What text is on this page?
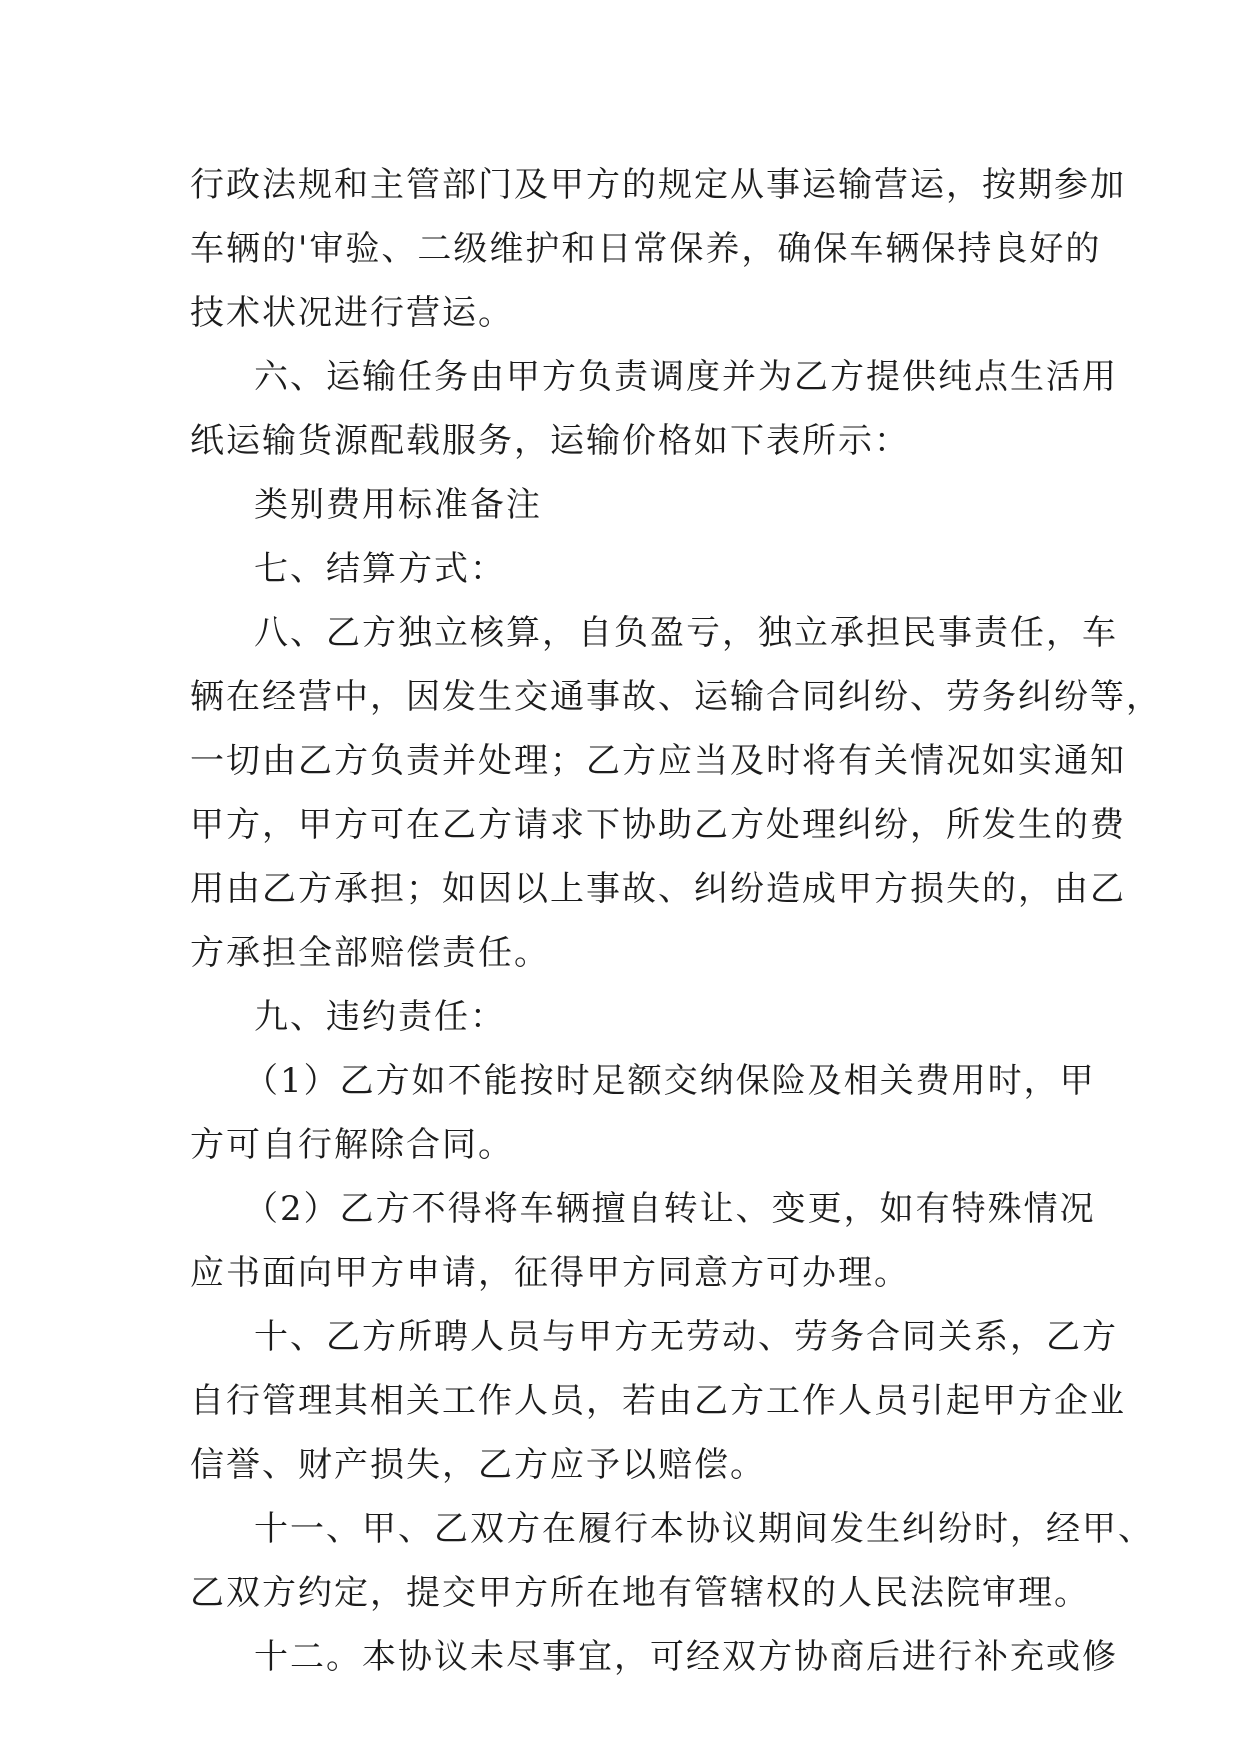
行政法规和主管部门及甲方的规定从事运输营运，按期参加
车辆的'审验、二级维护和日常保养，确保车辆保持良好的
技术状况进行营运。
六、运输任务由甲方负责调度并为乙方提供纯点生活用
纸运输货源配载服务，运输价格如下表所示：
类别费用标准备注
七、结算方式：
八、乙方独立核算，自负盈亏，独立承担民事责任，车
辆在经营中，因发生交通事故、运输合同纠纷、劳务纠纷等，
一切由乙方负责并处理；乙方应当及时将有关情况如实通知
甲方，甲方可在乙方请求下协助乙方处理纠纷，所发生的费
用由乙方承担；如因以上事故、纠纷造成甲方损失的，由乙
方承担全部赔偿责任。
九、违约责任：
（1）乙方如不能按时足额交纳保险及相关费用时，甲
方可自行解除合同。
（2）乙方不得将车辆擅自转让、变更，如有特殊情况
应书面向甲方申请，征得甲方同意方可办理。
十、乙方所聘人员与甲方无劳动、劳务合同关系，乙方
自行管理其相关工作人员，若由乙方工作人员引起甲方企业
信誉、财产损失，乙方应予以赔偿。
十一、甲、乙双方在履行本协议期间发生纠纷时，经甲、
乙双方约定，提交甲方所在地有管辖权的人民法院审理。
十二。本协议未尽事宜，可经双方协商后进行补充或修
